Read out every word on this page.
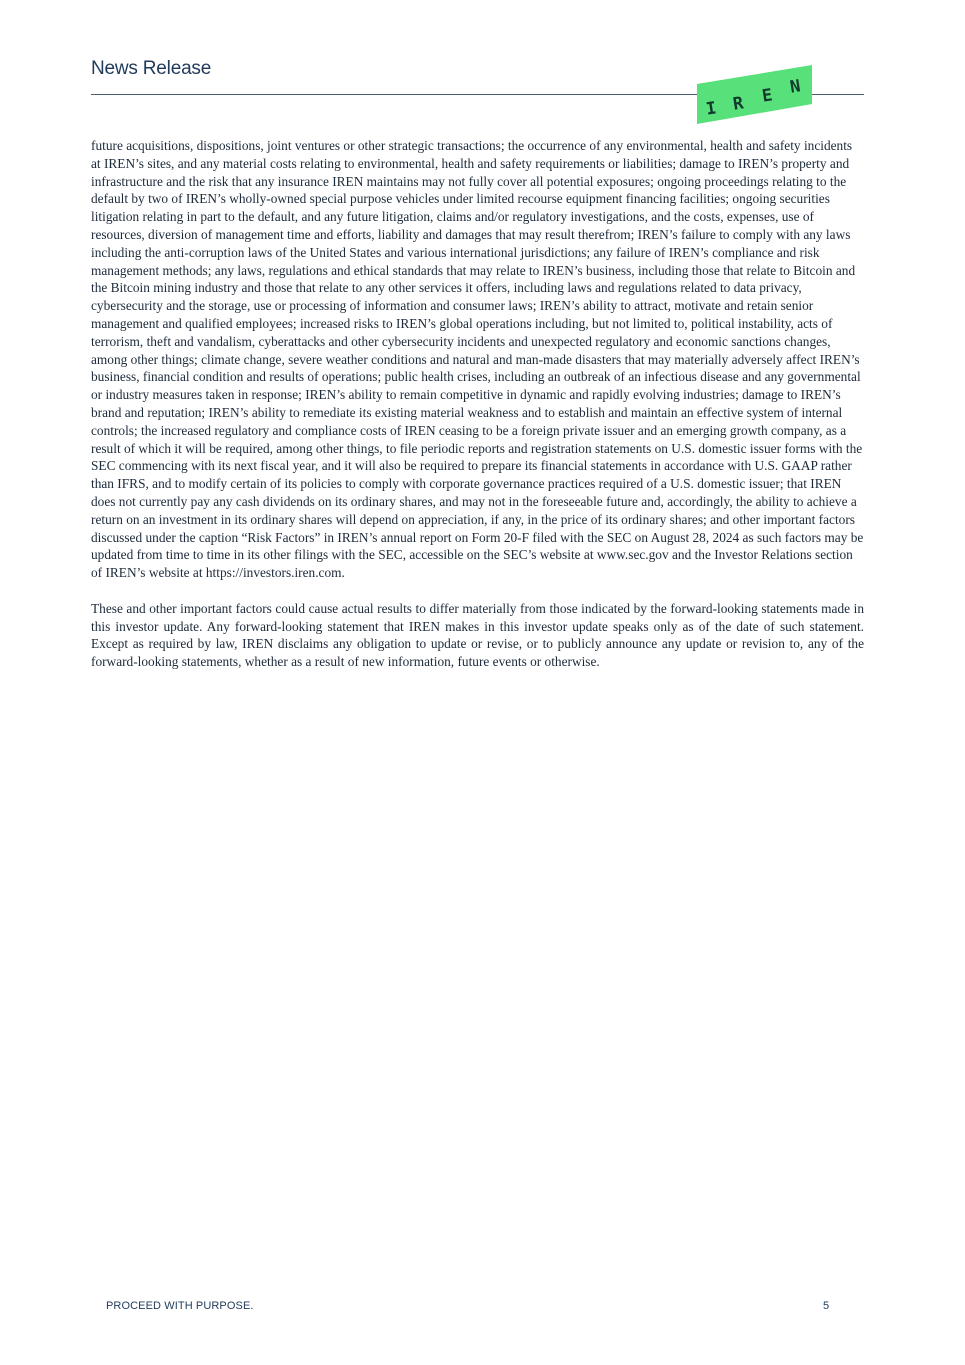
News Release
I R E N

future acquisitions, dispositions, joint ventures or other strategic transactions; the occurrence of any environmental, health and safety incidents at IREN’s sites, and any material costs relating to environmental, health and safety requirements or liabilities; damage to IREN’s property and infrastructure and the risk that any insurance IREN maintains may not fully cover all potential exposures; ongoing proceedings relating to the default by two of IREN’s wholly-owned special purpose vehicles under limited recourse equipment financing facilities; ongoing securities litigation relating in part to the default, and any future litigation, claims and/or regulatory investigations, and the costs, expenses, use of resources, diversion of management time and efforts, liability and damages that may result therefrom; IREN’s failure to comply with any laws including the anti-corruption laws of the United States and various international jurisdictions; any failure of IREN’s compliance and risk management methods; any laws, regulations and ethical standards that may relate to IREN’s business, including those that relate to Bitcoin and the Bitcoin mining industry and those that relate to any other services it offers, including laws and regulations related to data privacy, cybersecurity and the storage, use or processing of information and consumer laws; IREN’s ability to attract, motivate and retain senior management and qualified employees; increased risks to IREN’s global operations including, but not limited to, political instability, acts of terrorism, theft and vandalism, cyberattacks and other cybersecurity incidents and unexpected regulatory and economic sanctions changes, among other things; climate change, severe weather conditions and natural and man-made disasters that may materially adversely affect IREN’s business, financial condition and results of operations; public health crises, including an outbreak of an infectious disease and any governmental or industry measures taken in response; IREN’s ability to remain competitive in dynamic and rapidly evolving industries; damage to IREN’s brand and reputation; IREN’s ability to remediate its existing material weakness and to establish and maintain an effective system of internal controls; the increased regulatory and compliance costs of IREN ceasing to be a foreign private issuer and an emerging growth company, as a result of which it will be required, among other things, to file periodic reports and registration statements on U.S. domestic issuer forms with the SEC commencing with its next fiscal year, and it will also be required to prepare its financial statements in accordance with U.S. GAAP rather than IFRS, and to modify certain of its policies to comply with corporate governance practices required of a U.S. domestic issuer; that IREN does not currently pay any cash dividends on its ordinary shares, and may not in the foreseeable future and, accordingly, the ability to achieve a return on an investment in its ordinary shares will depend on appreciation, if any, in the price of its ordinary shares; and other important factors discussed under the caption “Risk Factors” in IREN’s annual report on Form 20-F filed with the SEC on August 28, 2024 as such factors may be updated from time to time in its other filings with the SEC, accessible on the SEC’s website at www.sec.gov and the Investor Relations section of IREN’s website at https://investors.iren.com.

These and other important factors could cause actual results to differ materially from those indicated by the forward-looking statements made in this investor update. Any forward-looking statement that IREN makes in this investor update speaks only as of the date of such statement. Except as required by law, IREN disclaims any obligation to update or revise, or to publicly announce any update or revision to, any of the forward-looking statements, whether as a result of new information, future events or otherwise.

PROCEED WITH PURPOSE.	5
